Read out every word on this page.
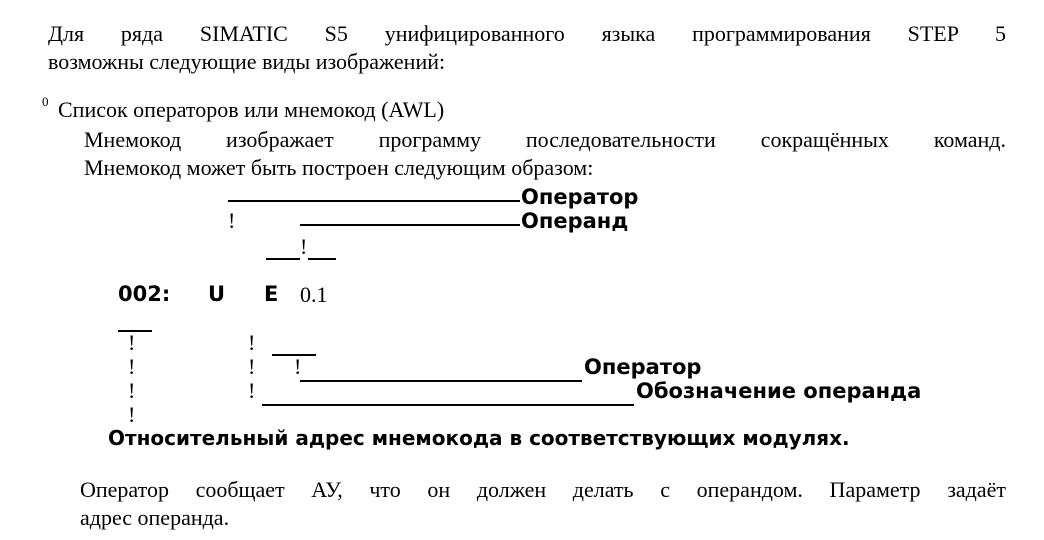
Для ряда SIMATIC S5 унифицированного языка программирования STEP 5
возможны следующие виды изображений:
0 Список операторов или мнемокод (AWL)
Мнемокод изображает программу последовательности сокращённых команд.
Мнемокод может быть построен следующим образом:
Оператор
!	Операнд
!
002: U E 0.1
!
!
!
!
!
!
!
!	Оператор
Обозначение операнда
Относительный адрес мнемокода в соответствующих модулях.
Оператор сообщает АУ, что он должен делать с операндом. Параметр задаёт
адрес операнда.
